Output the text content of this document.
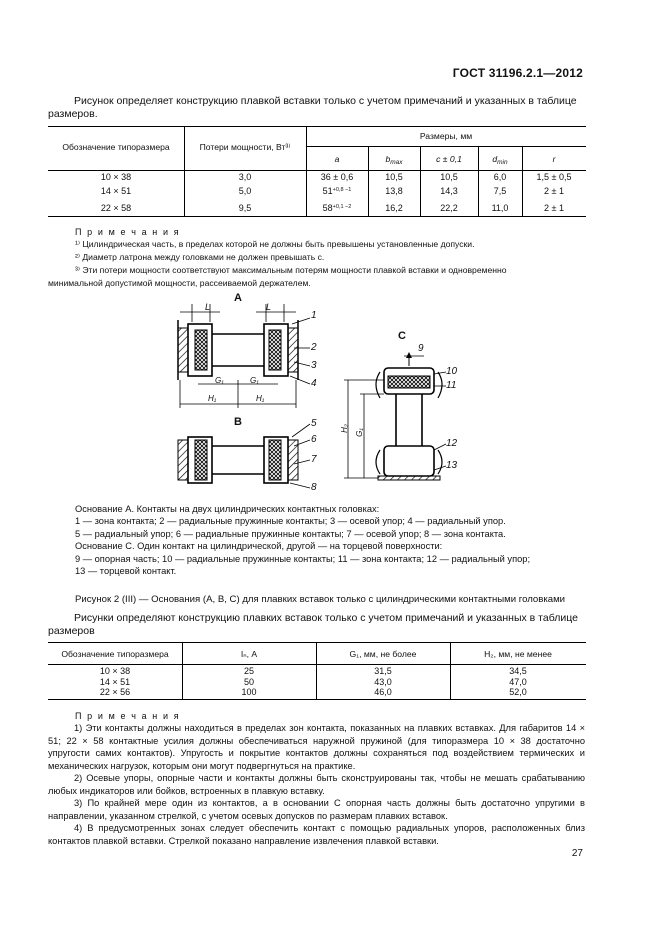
ГОСТ 31196.2.1—2012
Рисунок определяет конструкцию плавкой вставки только с учетом примечаний и указанных в таблице размеров.
Обозначение типоразмера	Потери мощности, Вт³⁾
Размеры, мм
a	$b_{max}$	c ± 0,1	$d_{min}$	r
10 × 38	3,0	36 ± 0,6	10,5	10,5	6,0	1,5 ± 0,5
14 × 51	5,0	$51^{+0,8 -1}$	13,8	14,3	7,5	2 ± 1
22 × 58	9,5	$58^{+0,1 -2}$	16,2	22,2	11,0	2 ± 1
П р и м е ч а н и я
¹⁾ Цилиндрическая часть, в пределах которой не должны быть превышены установленные допуски.
²⁾ Диаметр латрона между головками не должен превышать c.
³⁾ Эти потери мощности соответствуют максимальным потерям мощности плавкой вставки и одновременно
минимальной допустимой мощности, рассеиваемой держателем.
A
B
C
L	L
G₁	G₁
H₁	H₁
H₂ G₁
1
2
3
4
5
6
7
8
9
10
11
12
13
Основание А. Контакты на двух цилиндрических контактных головках:
1 — зона контакта; 2 — радиальные пружинные контакты; 3 — осевой упор; 4 — радиальный упор.
5 — радиальный упор; 6 — радиальные пружинные контакты; 7 — осевой упор; 8 — зона контакта.
Основание С. Один контакт на цилиндрической, другой — на торцевой поверхности:
9 — опорная часть; 10 — радиальные пружинные контакты; 11 — зона контакта; 12 — радиальный упор;
13 — торцевой контакт.
Рисунок 2 (III) — Основания (А, В, С) для плавких вставок только с цилиндрическими контактными головками
Рисунки определяют конструкцию плавких вставок только с учетом примечаний и указанных в таблице размеров
Обозначение типоразмера	Iₙ, А	G₁, мм, не более	H₂, мм, не менее
10 × 38	25	31,5	34,5
14 × 51	50	43,0	47,0
22 × 56	100	46,0	52,0
П р и м е ч а н и я
1) Эти контакты должны находиться в пределах зон контакта, показанных на плавких вставках. Для габаритов 14 × 51; 22 × 58 контактные усилия должны обеспечиваться наружной пружиной (для типоразмера 10 × 38 достаточно упругости самих контактов). Упругость и покрытие контактов должны сохраняться под воздействием термических и механических нагрузок, которым они могут подвергнуться на практике.
2) Осевые упоры, опорные части и контакты должны быть сконструированы так, чтобы не мешать срабатыванию любых индикаторов или бойков, встроенных в плавкую вставку.
3) По крайней мере один из контактов, а в основании С опорная часть должны быть достаточно упругими в направлении, указанном стрелкой, с учетом осевых допусков по размерам плавких вставок.
4) В предусмотренных зонах следует обеспечить контакт с помощью радиальных упоров, расположенных близ контактов плавкой вставки. Стрелкой показано направление извлечения плавкой вставки.
27
